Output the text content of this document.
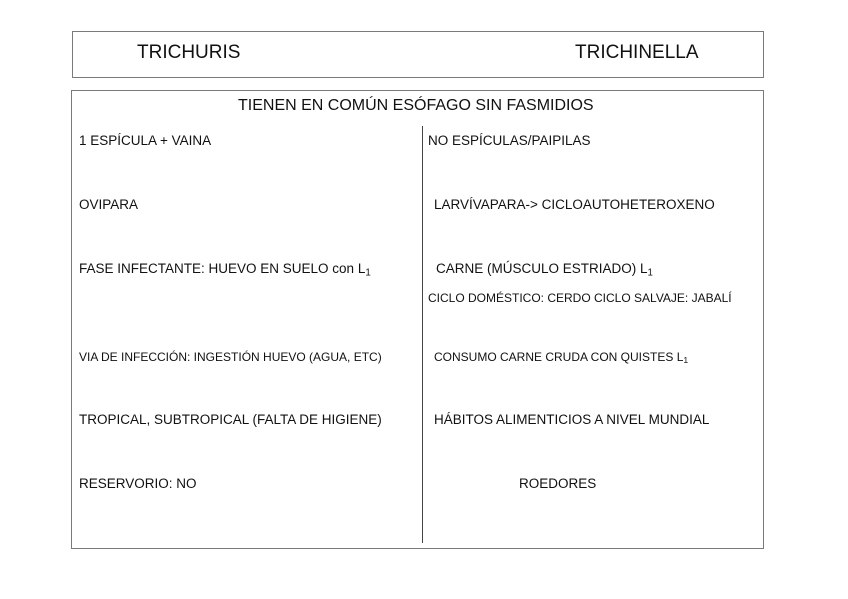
TRICHURIS	TRICHINELLA
TIENEN EN COMÚN ESÓFAGO SIN FASMIDIOS
1 ESPÍCULA + VAINA
OVIPARA
FASE INFECTANTE: HUEVO EN SUELO con $L_1$
VIA DE INFECCIÓN: INGESTIÓN HUEVO (AGUA, ETC)
TROPICAL, SUBTROPICAL (FALTA DE HIGIENE)
RESERVORIO: NO
NO ESPÍCULAS/PAIPILAS
LARVÍVAPARA-> CICLOAUTOHETEROXENO
CARNE (MÚSCULO ESTRIADO) $L_1$
CICLO DOMÉSTICO: CERDO CICLO SALVAJE: JABALÍ
CONSUMO CARNE CRUDA CON QUISTES $L_1$
HÁBITOS ALIMENTICIOS A NIVEL MUNDIAL
ROEDORES
